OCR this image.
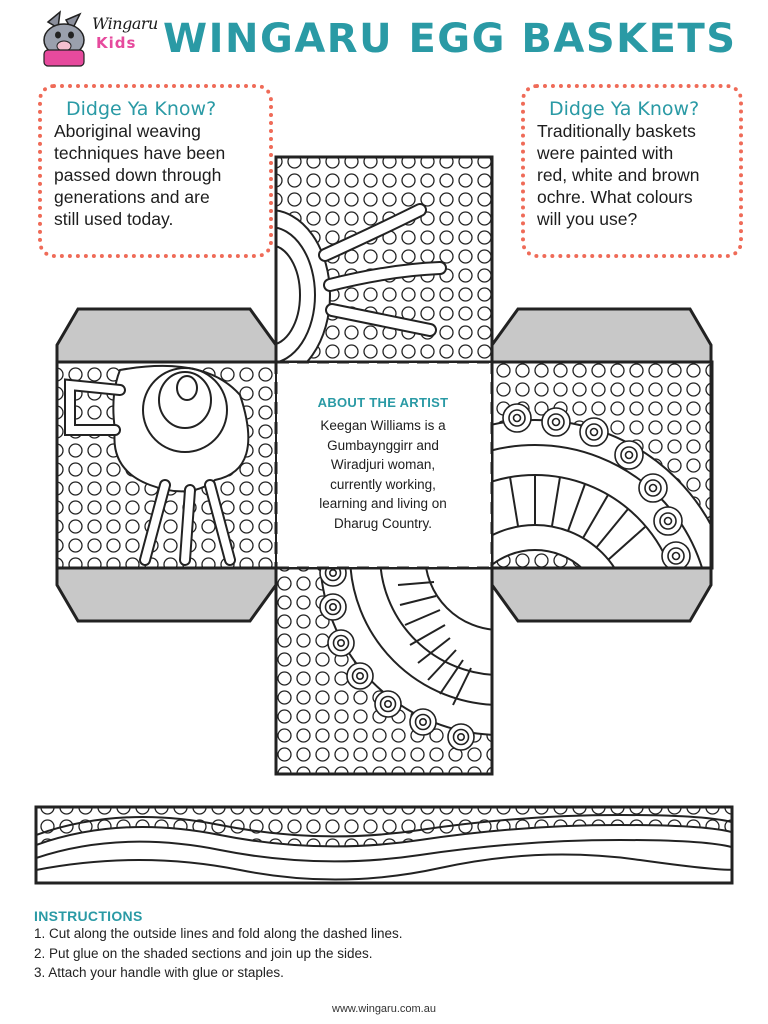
Wingaru
Kids WINGARU EGG BASKETS
Didge Ya Know?
Aboriginal weaving
techniques have been
passed down through
generations and are
still used today.
Didge Ya Know?
Traditionally baskets
were painted with
red, white and brown
ochre. What colours
will you use?
ABOUT THE ARTIST
Keegan Williams is a
Gumbaynggirr and
Wiradjuri woman,
currently working,
learning and living on
Dharug Country.
INSTRUCTIONS
1. Cut along the outside lines and fold along the dashed lines.
2. Put glue on the shaded sections and join up the sides.
3. Attach your handle with glue or staples.
www.wingaru.com.au
